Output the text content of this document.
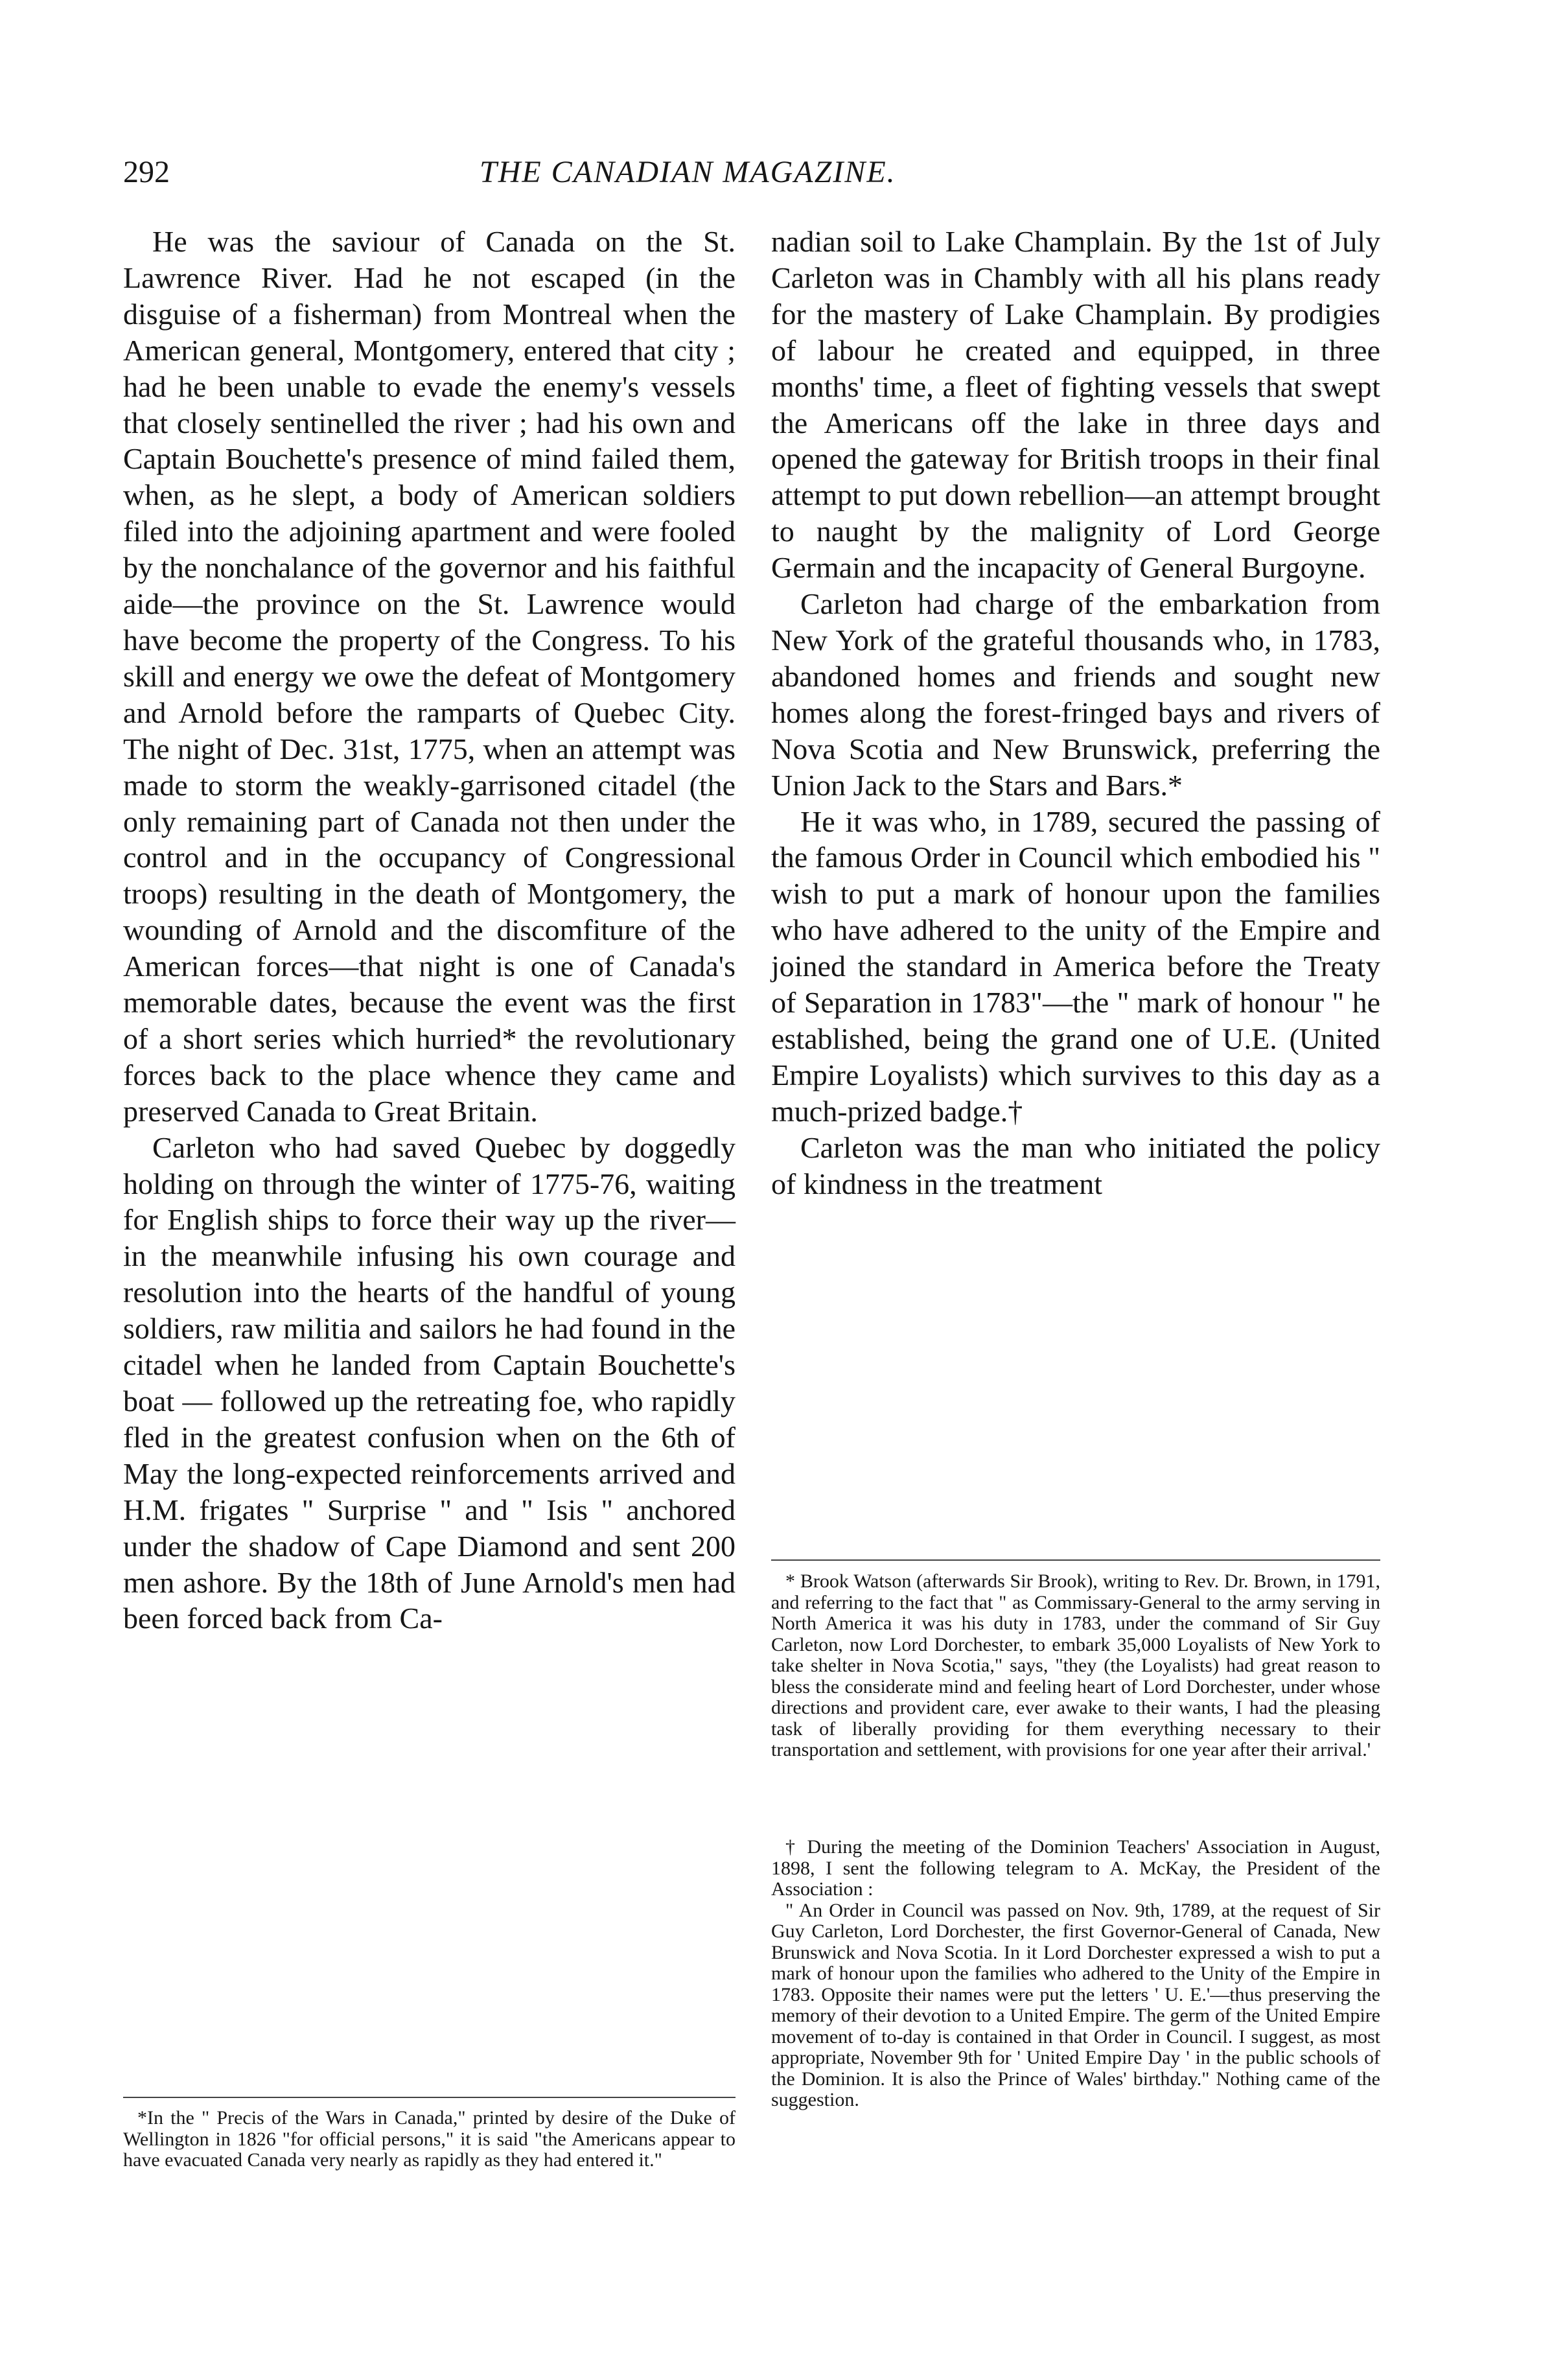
292	THE CANADIAN MAGAZINE.

He was the saviour of Canada on the St. Lawrence River. Had he not escaped (in the disguise of a fisherman) from Montreal when the American general, Montgomery, entered that city ; had he been unable to evade the enemy's vessels that closely sentinelled the river ; had his own and Captain Bouchette's presence of mind failed them, when, as he slept, a body of American soldiers filed into the adjoining apartment and were fooled by the nonchalance of the governor and his faithful aide—the province on the St. Lawrence would have become the property of the Congress. To his skill and energy we owe the defeat of Montgomery and Arnold before the ramparts of Quebec City. The night of Dec. 31st, 1775, when an attempt was made to storm the weakly-garrisoned citadel (the only remaining part of Canada not then under the control and in the occupancy of Congressional troops) resulting in the death of Montgomery, the wounding of Arnold and the discomfiture of the American forces—that night is one of Canada's memorable dates, because the event was the first of a short series which hurried* the revolutionary forces back to the place whence they came and preserved Canada to Great Britain.

Carleton who had saved Quebec by doggedly holding on through the winter of 1775-76, waiting for English ships to force their way up the river—in the meanwhile infusing his own courage and resolution into the hearts of the handful of young soldiers, raw militia and sailors he had found in the citadel when he landed from Captain Bouchette's boat — followed up the retreating foe, who rapidly fled in the greatest confusion when on the 6th of May the long-expected reinforcements arrived and H.M. frigates " Surprise " and " Isis " anchored under the shadow of Cape Diamond and sent 200 men ashore. By the 18th of June Arnold's men had been forced back from Ca-

nadian soil to Lake Champlain. By the 1st of July Carleton was in Chambly with all his plans ready for the mastery of Lake Champlain. By prodigies of labour he created and equipped, in three months' time, a fleet of fighting vessels that swept the Americans off the lake in three days and opened the gateway for British troops in their final attempt to put down rebellion—an attempt brought to naught by the malignity of Lord George Germain and the incapacity of General Burgoyne.

Carleton had charge of the embarkation from New York of the grateful thousands who, in 1783, abandoned homes and friends and sought new homes along the forest-fringed bays and rivers of Nova Scotia and New Brunswick, preferring the Union Jack to the Stars and Bars.*

He it was who, in 1789, secured the passing of the famous Order in Council which embodied his " wish to put a mark of honour upon the families who have adhered to the unity of the Empire and joined the standard in America before the Treaty of Separation in 1783"—the " mark of honour " he established, being the grand one of U.E. (United Empire Loyalists) which survives to this day as a much-prized badge.†

Carleton was the man who initiated the policy of kindness in the treatment

*In the " Precis of the Wars in Canada," printed by desire of the Duke of Wellington in 1826 "for official persons," it is said "the Americans appear to have evacuated Canada very nearly as rapidly as they had entered it."

* Brook Watson (afterwards Sir Brook), writing to Rev. Dr. Brown, in 1791, and referring to the fact that " as Commissary-General to the army serving in North America it was his duty in 1783, under the command of Sir Guy Carleton, now Lord Dorchester, to embark 35,000 Loyalists of New York to take shelter in Nova Scotia," says, "they (the Loyalists) had great reason to bless the considerate mind and feeling heart of Lord Dorchester, under whose directions and provident care, ever awake to their wants, I had the pleasing task of liberally providing for them everything necessary to their transportation and settlement, with provisions for one year after their arrival.'

† During the meeting of the Dominion Teachers' Association in August, 1898, I sent the following telegram to A. McKay, the President of the Association :

" An Order in Council was passed on Nov. 9th, 1789, at the request of Sir Guy Carleton, Lord Dorchester, the first Governor-General of Canada, New Brunswick and Nova Scotia. In it Lord Dorchester expressed a wish to put a mark of honour upon the families who adhered to the Unity of the Empire in 1783. Opposite their names were put the letters ' U. E.'—thus preserving the memory of their devotion to a United Empire. The germ of the United Empire movement of to-day is contained in that Order in Council. I suggest, as most appropriate, November 9th for ' United Empire Day ' in the public schools of the Dominion. It is also the Prince of Wales' birthday." Nothing came of the suggestion.
